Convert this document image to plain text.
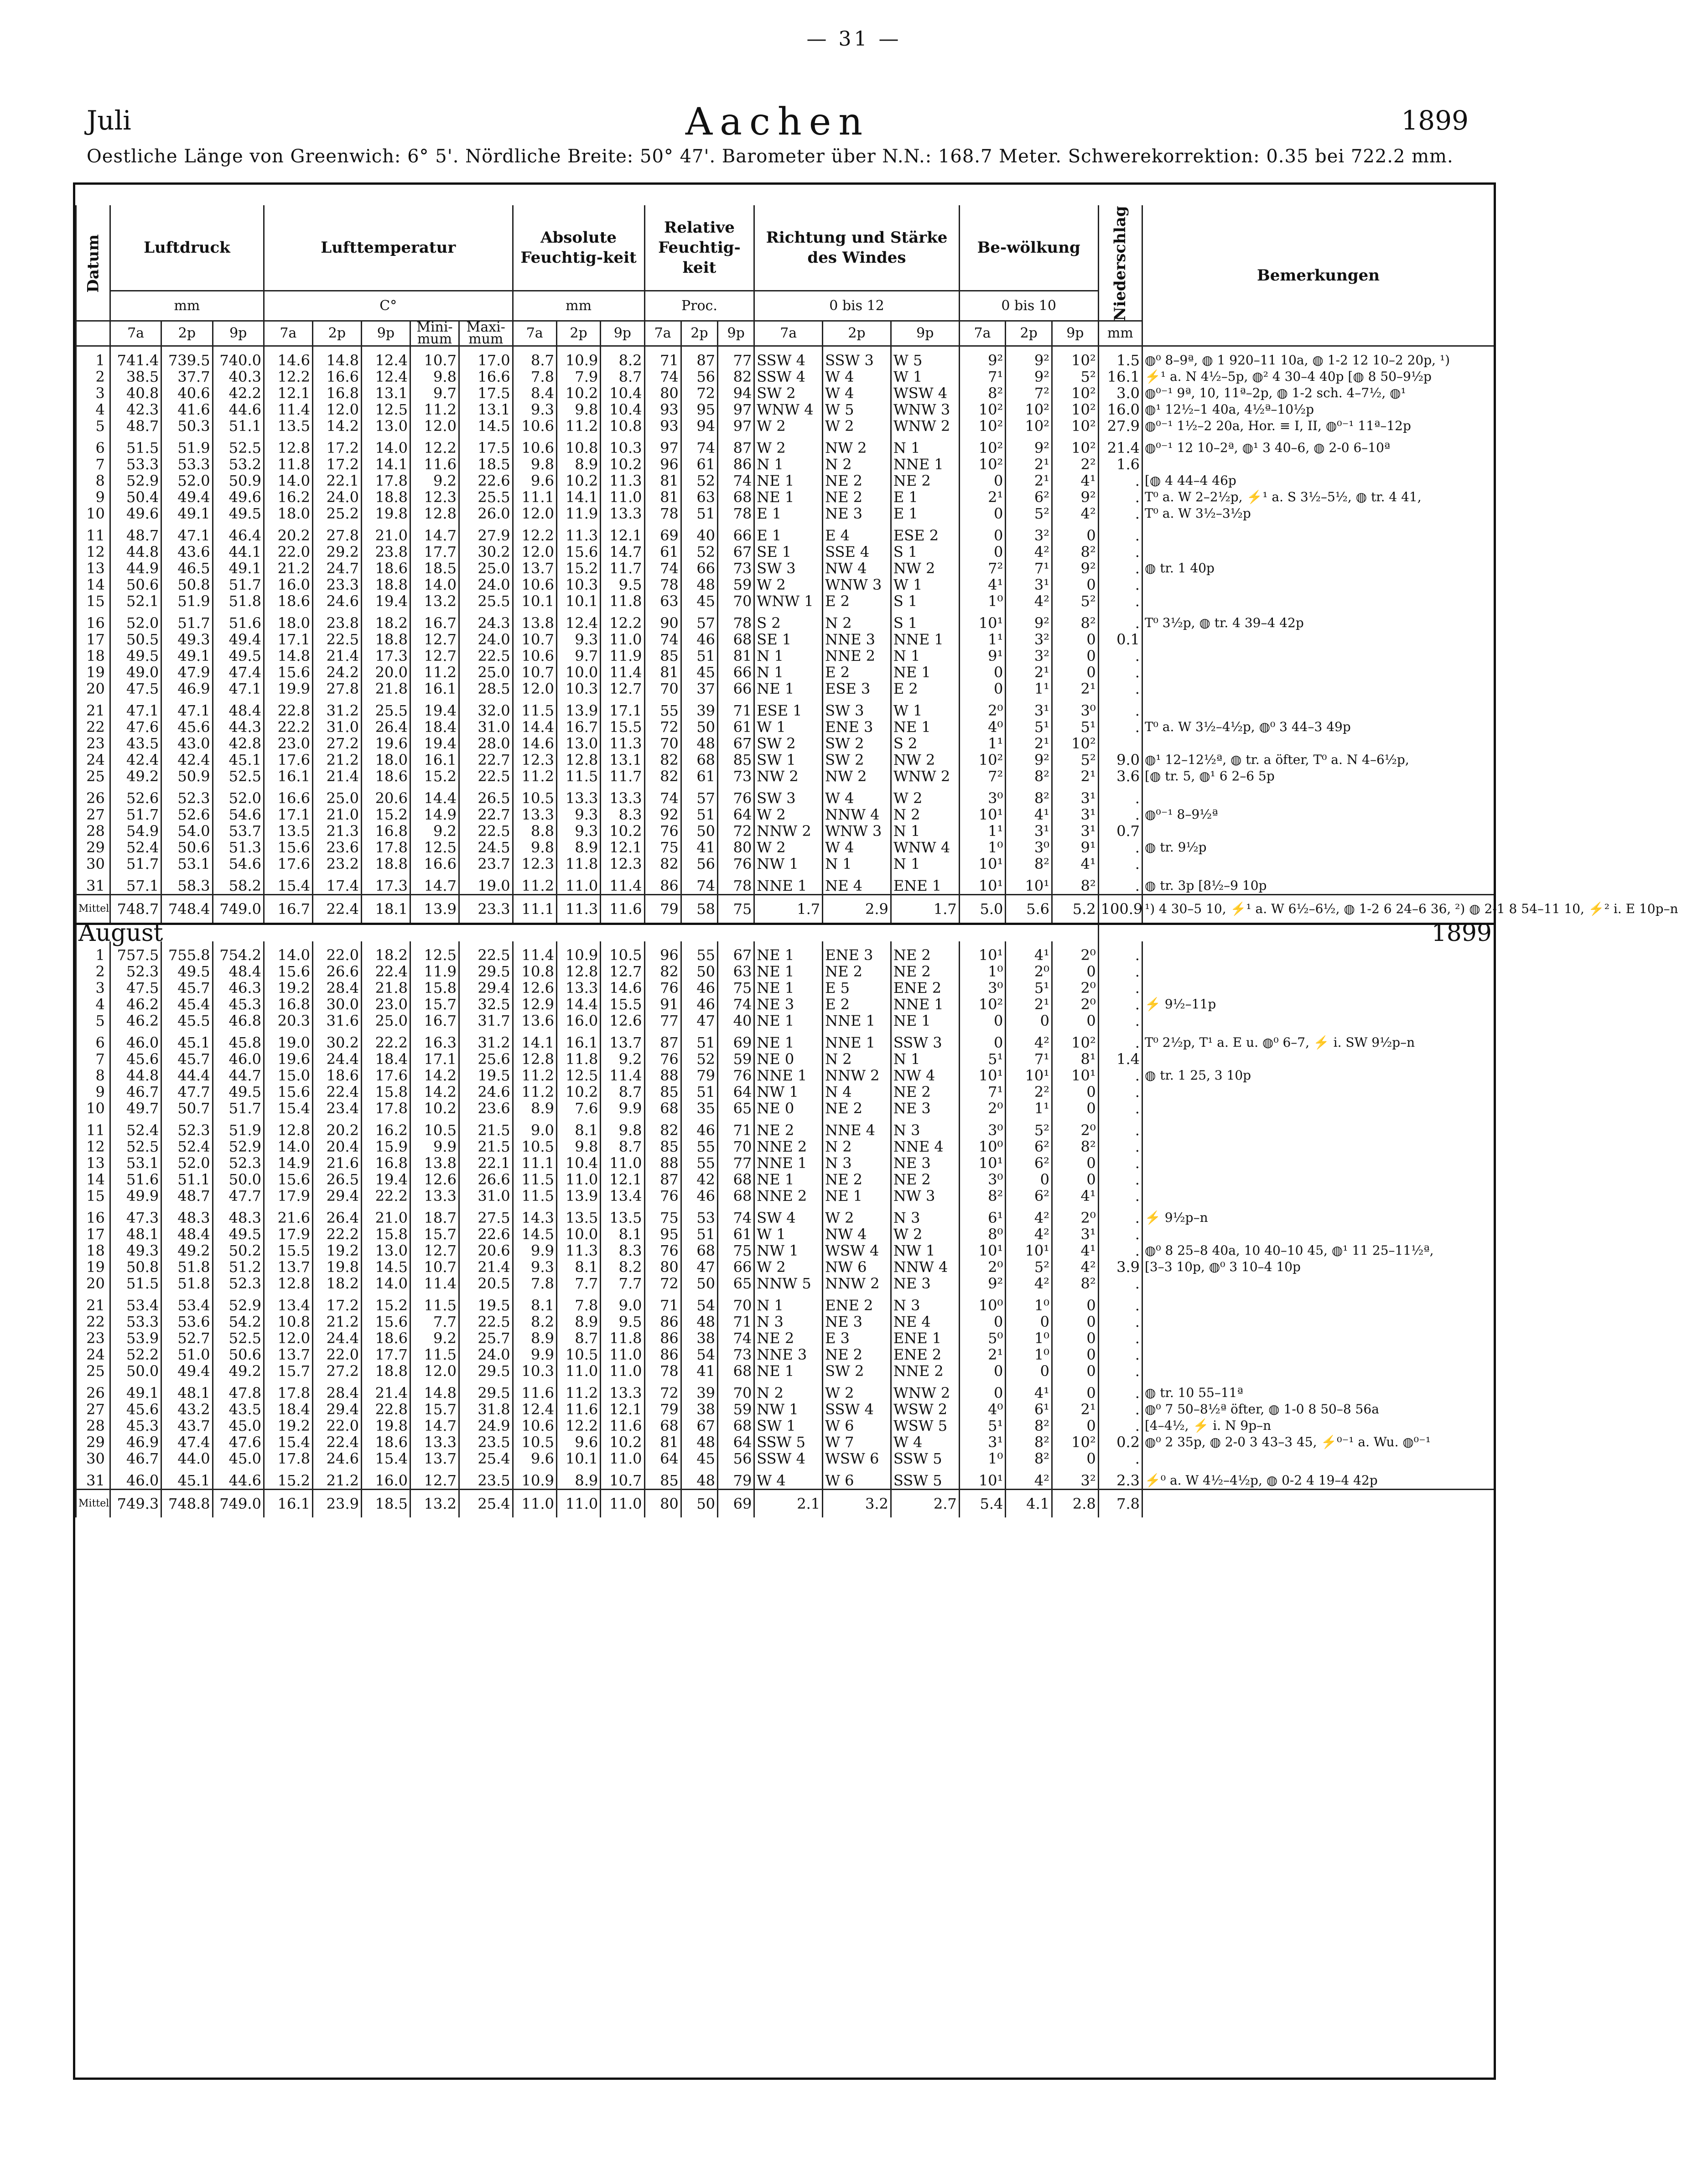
— 31 —
Juli	Aachen	1899
Oestliche Länge von Greenwich: 6° 5'. Nördliche Breite: 50° 47'. Barometer über N.N.: 168.7 Meter. Schwerekorrektion: 0.35 bei 722.2 mm.
Datum	Luftdruck			Lufttemperatur					Absolute Feuchtig-keit			Relative Feuchtig-keit			Richtung und Stärke des Windes			Be-wölkung			Niederschlag	Bemerkungen
	mm			C°					mm			Proc.			0 bis 12			0 bis 10				
	7a	2p	9p	7a	2p	9p	Mini-mum	Maxi-mum	7a	2p	9p	7a	2p	9p	7a	2p	9p	7a	2p	9p	mm	
1	741.4	739.5	740.0	14.6	14.8	12.4	10.7	17.0	8.7	10.9	8.2	71	87	77	SSW 4	SSW 3	W 5	9²	9²	10²	1.5	◍⁰ 8–9ª, ◍ 1 920–11 10a, ◍ 1-2 12 10–2 20p, ¹)
2	38.5	37.7	40.3	12.2	16.6	12.4	9.8	16.6	7.8	7.9	8.7	74	56	82	SSW 4	W 4	W 1	7¹	9²	5²	16.1	⚡¹ a. N 4½–5p, ◍² 4 30–4 40p [◍ 8 50–9½p
3	40.8	40.6	42.2	12.1	16.8	13.1	9.7	17.5	8.4	10.2	10.4	80	72	94	SW 2	W 4	WSW 4	8²	7²	10²	3.0	◍⁰⁻¹ 9ª, 10, 11ª–2p, ◍ 1-2 sch. 4–7½, ◍¹
4	42.3	41.6	44.6	11.4	12.0	12.5	11.2	13.1	9.3	9.8	10.4	93	95	97	WNW 4	W 5	WNW 3	10²	10²	10²	16.0	◍¹ 12½–1 40a, 4½ª–10½p
5	48.7	50.3	51.1	13.5	14.2	13.0	12.0	14.5	10.6	11.2	10.8	93	94	97	W 2	W 2	WNW 2	10²	10²	10²	27.9	◍⁰⁻¹ 1½–2 20a, Hor. ≡ I, II, ◍⁰⁻¹ 11ª–12p
6	51.5	51.9	52.5	12.8	17.2	14.0	12.2	17.5	10.6	10.8	10.3	97	74	87	W 2	NW 2	N 1	10²	9²	10²	21.4	◍⁰⁻¹ 12 10–2ª, ◍¹ 3 40–6, ◍ 2-0 6–10ª
7	53.3	53.3	53.2	11.8	17.2	14.1	11.6	18.5	9.8	8.9	10.2	96	61	86	N 1	N 2	NNE 1	10²	2¹	2²	1.6	
8	52.9	52.0	50.9	14.0	22.1	17.8	9.2	22.6	9.6	10.2	11.3	81	52	74	NE 1	NE 2	NE 2	0	2¹	4¹	.	[◍ 4 44–4 46p
9	50.4	49.4	49.6	16.2	24.0	18.8	12.3	25.5	11.1	14.1	11.0	81	63	68	NE 1	NE 2	E 1	2¹	6²	9²	.	T⁰ a. W 2–2½p, ⚡¹ a. S 3½–5½, ◍ tr. 4 41,
10	49.6	49.1	49.5	18.0	25.2	19.8	12.8	26.0	12.0	11.9	13.3	78	51	78	E 1	NE 3	E 1	0	5²	4²	.	T⁰ a. W 3½–3½p
11	48.7	47.1	46.4	20.2	27.8	21.0	14.7	27.9	12.2	11.3	12.1	69	40	66	E 1	E 4	ESE 2	0	3²	0	.	
12	44.8	43.6	44.1	22.0	29.2	23.8	17.7	30.2	12.0	15.6	14.7	61	52	67	SE 1	SSE 4	S 1	0	4²	8²	.	
13	44.9	46.5	49.1	21.2	24.7	18.6	18.5	25.0	13.7	15.2	11.7	74	66	73	SW 3	NW 4	NW 2	7²	7¹	9²	.	◍ tr. 1 40p
14	50.6	50.8	51.7	16.0	23.3	18.8	14.0	24.0	10.6	10.3	9.5	78	48	59	W 2	WNW 3	W 1	4¹	3¹	0	.	
15	52.1	51.9	51.8	18.6	24.6	19.4	13.2	25.5	10.1	10.1	11.8	63	45	70	WNW 1	E 2	S 1	1⁰	4²	5²	.	
16	52.0	51.7	51.6	18.0	23.8	18.2	16.7	24.3	13.8	12.4	12.2	90	57	78	S 2	N 2	S 1	10¹	9²	8²	.	T⁰ 3½p, ◍ tr. 4 39–4 42p
17	50.5	49.3	49.4	17.1	22.5	18.8	12.7	24.0	10.7	9.3	11.0	74	46	68	SE 1	NNE 3	NNE 1	1¹	3²	0	0.1	
18	49.5	49.1	49.5	14.8	21.4	17.3	12.7	22.5	10.6	9.7	11.9	85	51	81	N 1	NNE 2	N 1	9¹	3²	0	.	
19	49.0	47.9	47.4	15.6	24.2	20.0	11.2	25.0	10.7	10.0	11.4	81	45	66	N 1	E 2	NE 1	0	2¹	0	.	
20	47.5	46.9	47.1	19.9	27.8	21.8	16.1	28.5	12.0	10.3	12.7	70	37	66	NE 1	ESE 3	E 2	0	1¹	2¹	.	
21	47.1	47.1	48.4	22.8	31.2	25.5	19.4	32.0	11.5	13.9	17.1	55	39	71	ESE 1	SW 3	W 1	2⁰	3¹	3⁰	.	
22	47.6	45.6	44.3	22.2	31.0	26.4	18.4	31.0	14.4	16.7	15.5	72	50	61	W 1	ENE 3	NE 1	4⁰	5¹	5¹	.	T⁰ a. W 3½–4½p, ◍⁰ 3 44–3 49p
23	43.5	43.0	42.8	23.0	27.2	19.6	19.4	28.0	14.6	13.0	11.3	70	48	67	SW 2	SW 2	S 2	1¹	2¹	10²		
24	42.4	42.4	45.1	17.6	21.2	18.0	16.1	22.7	12.3	12.8	13.1	82	68	85	SW 1	SW 2	NW 2	10²	9²	5²	9.0	◍¹ 12–12½ª, ◍ tr. a öfter, T⁰ a. N 4–6½p,
25	49.2	50.9	52.5	16.1	21.4	18.6	15.2	22.5	11.2	11.5	11.7	82	61	73	NW 2	NW 2	WNW 2	7²	8²	2¹	3.6	[◍ tr. 5, ◍¹ 6 2–6 5p
26	52.6	52.3	52.0	16.6	25.0	20.6	14.4	26.5	10.5	13.3	13.3	74	57	76	SW 3	W 4	W 2	3⁰	8²	3¹	.	
27	51.7	52.6	54.6	17.1	21.0	15.2	14.9	22.7	13.3	9.3	8.3	92	51	64	W 2	NNW 4	N 2	10¹	4¹	3¹	.	◍⁰⁻¹ 8–9½ª
28	54.9	54.0	53.7	13.5	21.3	16.8	9.2	22.5	8.8	9.3	10.2	76	50	72	NNW 2	WNW 3	N 1	1¹	3¹	3¹	0.7	
29	52.4	50.6	51.3	15.6	23.6	17.8	12.5	24.5	9.8	8.9	12.1	75	41	80	W 2	W 4	WNW 4	1⁰	3⁰	9¹	.	◍ tr. 9½p
30	51.7	53.1	54.6	17.6	23.2	18.8	16.6	23.7	12.3	11.8	12.3	82	56	76	NW 1	N 1	N 1	10¹	8²	4¹	.	
31	57.1	58.3	58.2	15.4	17.4	17.3	14.7	19.0	11.2	11.0	11.4	86	74	78	NNE 1	NE 4	ENE 1	10¹	10¹	8²	.	◍ tr. 3p [8½–9 10p
Mittel	748.7	748.4	749.0	16.7	22.4	18.1	13.9	23.3	11.1	11.3	11.6	79	58	75	1.7	2.9	1.7	5.0	5.6	5.2	100.9	¹) 4 30–5 10, ⚡¹ a. W 6½–6½, ◍ 1-2 6 24–6 36, ²) ◍ 2-1 8 54–11 10, ⚡² i. E 10p–n
August																					1899	
1	757.5	755.8	754.2	14.0	22.0	18.2	12.5	22.5	11.4	10.9	10.5	96	55	67	NE 1	ENE 3	NE 2	10¹	4¹	2⁰	.	
2	52.3	49.5	48.4	15.6	26.6	22.4	11.9	29.5	10.8	12.8	12.7	82	50	63	NE 1	NE 2	NE 2	1⁰	2⁰	0	.	
3	47.5	45.7	46.3	19.2	28.4	21.8	15.8	29.4	12.6	13.3	14.6	76	46	75	NE 1	E 5	ENE 2	3⁰	5¹	2⁰	.	
4	46.2	45.4	45.3	16.8	30.0	23.0	15.7	32.5	12.9	14.4	15.5	91	46	74	NE 3	E 2	NNE 1	10²	2¹	2⁰	.	⚡ 9½–11p
5	46.2	45.5	46.8	20.3	31.6	25.0	16.7	31.7	13.6	16.0	12.6	77	47	40	NE 1	NNE 1	NE 1	0	0	0	.	
6	46.0	45.1	45.8	19.0	30.2	22.2	16.3	31.2	14.1	16.1	13.7	87	51	69	NE 1	NNE 1	SSW 3	0	4²	10²	.	T⁰ 2½p, T¹ a. E u. ◍⁰ 6–7, ⚡ i. SW 9½p–n
7	45.6	45.7	46.0	19.6	24.4	18.4	17.1	25.6	12.8	11.8	9.2	76	52	59	NE 0	N 2	N 1	5¹	7¹	8¹	1.4	
8	44.8	44.4	44.7	15.0	18.6	17.6	14.2	19.5	11.2	12.5	11.4	88	79	76	NNE 1	NNW 2	NW 4	10¹	10¹	10¹	.	◍ tr. 1 25, 3 10p
9	46.7	47.7	49.5	15.6	22.4	15.8	14.2	24.6	11.2	10.2	8.7	85	51	64	NW 1	N 4	NE 2	7¹	2²	0	.	
10	49.7	50.7	51.7	15.4	23.4	17.8	10.2	23.6	8.9	7.6	9.9	68	35	65	NE 0	NE 2	NE 3	2⁰	1¹	0	.	
11	52.4	52.3	51.9	12.8	20.2	16.2	10.5	21.5	9.0	8.1	9.8	82	46	71	NE 2	NNE 4	N 3	3⁰	5²	2⁰	.	
12	52.5	52.4	52.9	14.0	20.4	15.9	9.9	21.5	10.5	9.8	8.7	85	55	70	NNE 2	N 2	NNE 4	10⁰	6²	8²	.	
13	53.1	52.0	52.3	14.9	21.6	16.8	13.8	22.1	11.1	10.4	11.0	88	55	77	NNE 1	N 3	NE 3	10¹	6²	0	.	
14	51.6	51.1	50.0	15.6	26.5	19.4	12.6	26.6	11.5	11.0	12.1	87	42	68	NE 1	NE 2	NE 2	3⁰	0	0	.	
15	49.9	48.7	47.7	17.9	29.4	22.2	13.3	31.0	11.5	13.9	13.4	76	46	68	NNE 2	NE 1	NW 3	8²	6²	4¹	.	
16	47.3	48.3	48.3	21.6	26.4	21.0	18.7	27.5	14.3	13.5	13.5	75	53	74	SW 4	W 2	N 3	6¹	4²	2⁰	.	⚡ 9½p–n
17	48.1	48.4	49.5	17.9	22.2	15.8	15.7	22.6	14.5	10.0	8.1	95	51	61	W 1	NW 4	W 2	8⁰	4²	3¹	.	
18	49.3	49.2	50.2	15.5	19.2	13.0	12.7	20.6	9.9	11.3	8.3	76	68	75	NW 1	WSW 4	NW 1	10¹	10¹	4¹	.	◍⁰ 8 25–8 40a, 10 40–10 45, ◍¹ 11 25–11½ª,
19	50.8	51.8	51.2	13.7	19.8	14.5	10.7	21.4	9.3	8.1	8.2	80	47	66	W 2	NW 6	NNW 4	2⁰	5²	4²	3.9	[3–3 10p, ◍⁰ 3 10–4 10p
20	51.5	51.8	52.3	12.8	18.2	14.0	11.4	20.5	7.8	7.7	7.7	72	50	65	NNW 5	NNW 2	NE 3	9²	4²	8²	.	
21	53.4	53.4	52.9	13.4	17.2	15.2	11.5	19.5	8.1	7.8	9.0	71	54	70	N 1	ENE 2	N 3	10⁰	1⁰	0	.	
22	53.3	53.6	54.2	10.8	21.2	15.6	7.7	22.5	8.2	8.9	9.5	86	48	71	N 3	NE 3	NE 4	0	0	0	.	
23	53.9	52.7	52.5	12.0	24.4	18.6	9.2	25.7	8.9	8.7	11.8	86	38	74	NE 2	E 3	ENE 1	5⁰	1⁰	0	.	
24	52.2	51.0	50.6	13.7	22.0	17.7	11.5	24.0	9.9	10.5	11.0	86	54	73	NNE 3	NE 2	ENE 2	2¹	1⁰	0	.	
25	50.0	49.4	49.2	15.7	27.2	18.8	12.0	29.5	10.3	11.0	11.0	78	41	68	NE 1	SW 2	NNE 2	0	0	0	.	
26	49.1	48.1	47.8	17.8	28.4	21.4	14.8	29.5	11.6	11.2	13.3	72	39	70	N 2	W 2	WNW 2	0	4¹	0	.	◍ tr. 10 55–11ª
27	45.6	43.2	43.5	18.4	29.4	22.8	15.7	31.8	12.4	11.6	12.1	79	38	59	NW 1	SSW 4	WSW 2	4⁰	6¹	2¹	.	◍⁰ 7 50–8½ª öfter, ◍ 1-0 8 50–8 56a
28	45.3	43.7	45.0	19.2	22.0	19.8	14.7	24.9	10.6	12.2	11.6	68	67	68	SW 1	W 6	WSW 5	5¹	8²	0	.	[4–4½, ⚡ i. N 9p–n
29	46.9	47.4	47.6	15.4	22.4	18.6	13.3	23.5	10.5	9.6	10.2	81	48	64	SSW 5	W 7	W 4	3¹	8²	10²	0.2	◍⁰ 2 35p, ◍ 2-0 3 43–3 45, ⚡⁰⁻¹ a. Wu. ◍⁰⁻¹
30	46.7	44.0	45.0	17.8	24.6	15.4	13.7	25.4	9.6	10.1	11.0	64	45	56	SSW 4	WSW 6	SSW 5	1⁰	8²	0	.	
31	46.0	45.1	44.6	15.2	21.2	16.0	12.7	23.5	10.9	8.9	10.7	85	48	79	W 4	W 6	SSW 5	10¹	4²	3²	2.3	⚡⁰ a. W 4½–4½p, ◍ 0-2 4 19–4 42p
Mittel	749.3	748.8	749.0	16.1	23.9	18.5	13.2	25.4	11.0	11.0	11.0	80	50	69	2.1	3.2	2.7	5.4	4.1	2.8	7.8	
